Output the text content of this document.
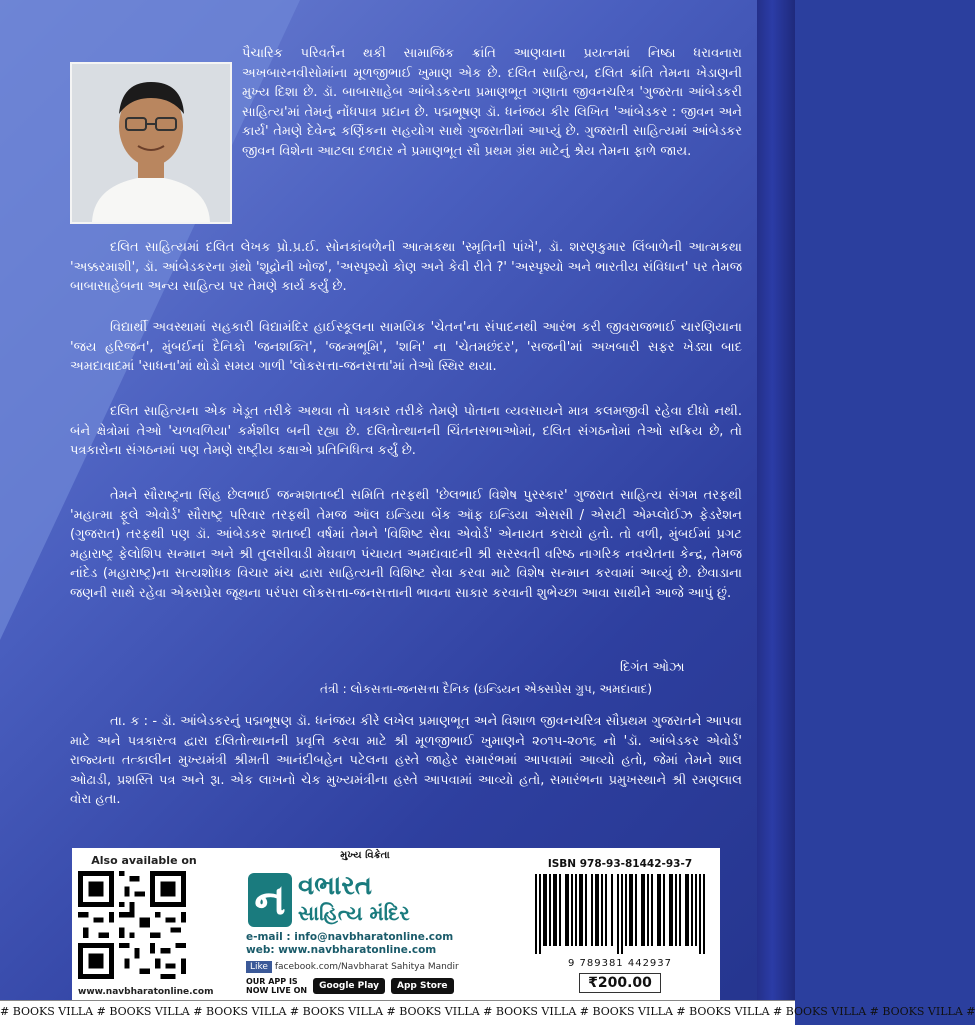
પૈચારિક પરિવર્તન થકી સામાજિક ક્રાંતિ આણવાના પ્રયત્નમાં નિષ્ઠા ધરાવનારા અખબારનવીસોમાંના મૂળજીભાઈ ખુમાણ એક છે. દલિત સાહિત્ય, દલિત ક્રાંતિ તેમના ખેડાણની મુખ્ય દિશા છે. ડૉ. બાબાસાહેબ આંબેડકરના પ્રમાણભૂત ગણાતા જીવનચરિત્ર 'ગુજરતા આંબેડકરી સાહિત્ય'માં તેમનું નોંધપાત્ર પ્રદાન છે. પદ્મભૂષણ ડૉ. ધનંજય કીર લિખિત 'આંબેડકર : જીવન અને કાર્ય' તેમણે દેવેન્દ્ર કર્ણિકના સહયોગ સાથે ગુજરાતીમાં આપ્યું છે. ગુજરાતી સાહિત્યમાં આંબેડકર જીવન વિશેના આટલા દળદાર ને પ્રમાણભૂત સૌ પ્રથમ ગ્રંથ માટેનું શ્રેય તેમના ફાળે જાય.

દલિત સાહિત્યમાં દલિત લેખક પ્રો.પ્ર.ઈ. સોનકાંબળેની આત્મકથા 'સ્મૃતિની પાંખે', ડૉ. શરણકુમાર લિંબાળેની આત્મકથા 'અક્કરમાશી', ડૉ. આંબેડકરના ગ્રંથો 'શૂદ્રોની ખોજ', 'અસ્પૃશ્યો કોણ અને કેવી રીતે ?' 'અસ્પૃશ્યો અને ભારતીય સંવિધાન' પર તેમજ બાબાસાહેબના અન્ય સાહિત્ય પર તેમણે કાર્ય કર્યું છે.

વિદ્યાર્થી અવસ્થામાં સહકારી વિદ્યામંદિર હાઈસ્કૂલના સામયિક 'ચેતન'ના સંપાદનથી આરંભ કરી જીવરાજભાઈ ચારણિયાના 'જય હરિજન', મુંબઈનાં દૈનિકો 'જનશક્તિ', 'જન્મભૂમિ', 'શનિ' ના 'ચેતમછંદર', 'સજની'માં અખબારી સફર ખેડ્યા બાદ અમદાવાદમાં 'સાધના'માં થોડો સમય ગાળી 'લોકસત્તા-જનસત્તા'માં તેઓ સ્થિર થયા.

દલિત સાહિત્યના એક ખેડૂત તરીકે અથવા તો પત્રકાર તરીકે તેમણે પોતાના વ્યવસાયને માત્ર કલમજીવી રહેવા દીધો નથી. બંને ક્ષેત્રોમાં તેઓ 'ચળવળિયા' કર્મશીલ બની રહ્યા છે. દલિતોત્થાનની ચિંતનસભાઓમાં, દલિત સંગઠનોમાં તેઓ સક્રિય છે, તો પત્રકારોના સંગઠનમાં પણ તેમણે રાષ્ટ્રીય કક્ષાએ પ્રતિનિધિત્વ કર્યું છે.

તેમને સૌરાષ્ટ્રના સિંહ છેલભાઈ જન્મશતાબ્દી સમિતિ તરફથી 'છેલભાઈ વિશેષ પુરસ્કાર' ગુજરાત સાહિત્ય સંગમ તરફથી 'મહાત્મા ફૂલે એવોર્ડ' સૌરાષ્ટ્ર પરિવાર તરફથી તેમજ ઑલ ઇન્ડિયા બેંક ઑફ ઇન્ડિયા એસસી / એસટી એમ્પ્લોઈઝ ફેડરેશન (ગુજરાત) તરફથી પણ ડૉ. આંબેડકર શતાબ્દી વર્ષમાં તેમને 'વિશિષ્ટ સેવા એવોર્ડ' એનાયત કરાયો હતો. તો વળી, મુંબઈમાં પ્રગટ મહારાષ્ટ્ર ફેલોશિપ સન્માન અને શ્રી તુલસીવાડી મેઘવાળ પંચાયત અમદાવાદની શ્રી સરસ્વતી વરિષ્ઠ નાગરિક નવચેતના કેન્દ્ર, તેમજ નાંદેડ (મહારાષ્ટ્ર)ના સત્યશોધક વિચાર મંચ દ્વારા સાહિત્યની વિશિષ્ટ સેવા કરવા માટે વિશેષ સન્માન કરવામાં આવ્યું છે. છેવાડાના જણની સાથે રહેવા એક્સપ્રેસ જૂથના પરંપરા લોકસત્તા-જનસત્તાની ભાવના સાકાર કરવાની શુભેચ્છા આવા સાથીને આજે આપું છું.

દિગંત ઓઝા
તંત્રી : લોકસત્તા-જનસત્તા દૈનિક (ઇન્ડિયન એક્સપ્રેસ ગ્રુપ, અમદાવાદ)

તા. ક : - ડૉ. આંબેડકરનું પદ્મભૂષણ ડૉ. ધનંજય કીરે લખેલ પ્રમાણભૂત અને વિશાળ જીવનચરિત્ર સૌપ્રથમ ગુજરાતને આપવા માટે અને પત્રકારત્વ દ્વારા દલિતોત્થાનની પ્રવૃત્તિ કરવા માટે શ્રી મૂળજીભાઈ ખુમાણને ૨૦૧૫-૨૦૧૬ નો 'ડૉ. આંબેડકર એવોર્ડ' રાજ્યના તત્કાલીન મુખ્યમંત્રી શ્રીમતી આનંદીબહેન પટેલના હસ્તે જાહેર સમારંભમાં આપવામાં આવ્યો હતો, જેમાં તેમને શાલ ઓઢાડી, પ્રશસ્તિ પત્ર અને રૂા. એક લાખનો ચેક મુખ્યમંત્રીના હસ્તે આપવામાં આવ્યો હતો, સમારંભના પ્રમુખસ્થાને શ્રી રમણલાલ વોરા હતા.

Also available on
www.navbharatonline.com
મુખ્ય વિક્રેતા
ન વભારત
સાહિત્ય મંદિર
e-mail : info@navbharatonline.com
web: www.navbharatonline.com
Like facebook.com/Navbharat Sahitya Mandir
OUR APP IS
NOW LIVE ON	Google Play	App Store
ISBN 978-93-81442-93-7
9 789381 442937
₹200.00
# BOOKS VILLA # BOOKS VILLA # BOOKS VILLA # BOOKS VILLA # BOOKS VILLA # BOOKS VILLA # BOOKS VILLA # BOOKS VILLA # BOOKS VILLA # BOOKS VILLA #
